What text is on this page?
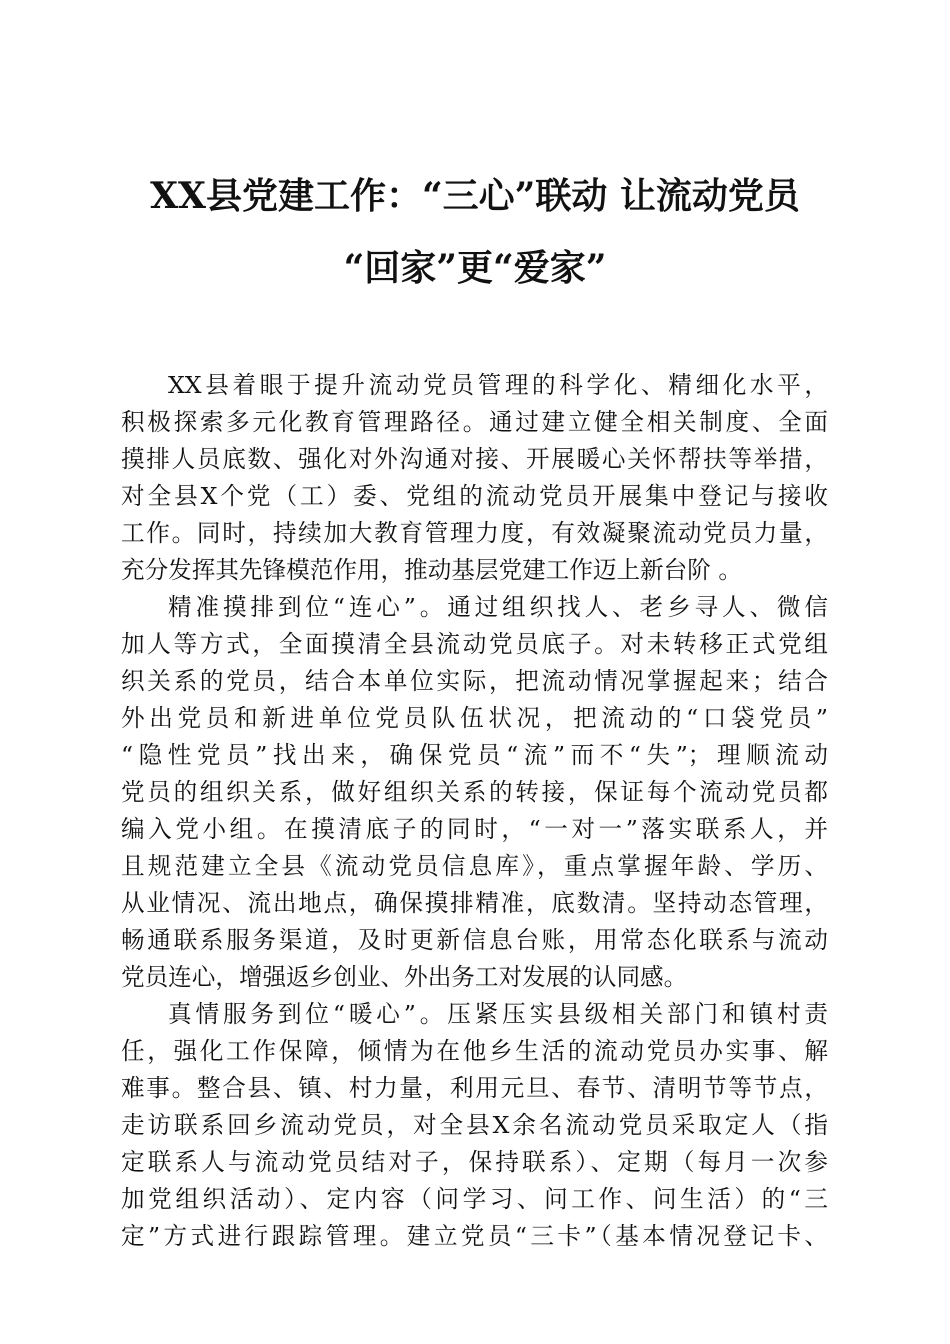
XX县党建工作：“三心”联动 让流动党员
“回家”更“爱家”
XX县着眼于提升流动党员管理的科学化、精细化水平，
积极探索多元化教育管理路径。通过建立健全相关制度、全面
摸排人员底数、强化对外沟通对接、开展暖心关怀帮扶等举措，
对全县X个党（工）委、党组的流动党员开展集中登记与接收
工作。同时，持续加大教育管理力度，有效凝聚流动党员力量，
充分发挥其先锋模范作用，推动基层党建工作迈上新台阶 。
精准摸排到位“连心”。通过组织找人、老乡寻人、微信
加人等方式，全面摸清全县流动党员底子。对未转移正式党组
织关系的党员，结合本单位实际，把流动情况掌握起来；结合
外出党员和新进单位党员队伍状况，把流动的“口袋党员”
“隐性党员”找出来，确保党员“流”而不“失”；理顺流动
党员的组织关系，做好组织关系的转接，保证每个流动党员都
编入党小组。在摸清底子的同时，“一对一”落实联系人，并
且规范建立全县《流动党员信息库》，重点掌握年龄、学历、
从业情况、流出地点，确保摸排精准，底数清。坚持动态管理，
畅通联系服务渠道，及时更新信息台账，用常态化联系与流动
党员连心，增强返乡创业、外出务工对发展的认同感。
真情服务到位“暖心”。压紧压实县级相关部门和镇村责
任，强化工作保障，倾情为在他乡生活的流动党员办实事、解
难事。整合县、镇、村力量，利用元旦、春节、清明节等节点，
走访联系回乡流动党员，对全县X余名流动党员采取定人（指
定联系人与流动党员结对子，保持联系）、定期（每月一次参
加党组织活动）、定内容（问学习、问工作、问生活）的“三
定”方式进行跟踪管理。建立党员“三卡”（基本情况登记卡、
